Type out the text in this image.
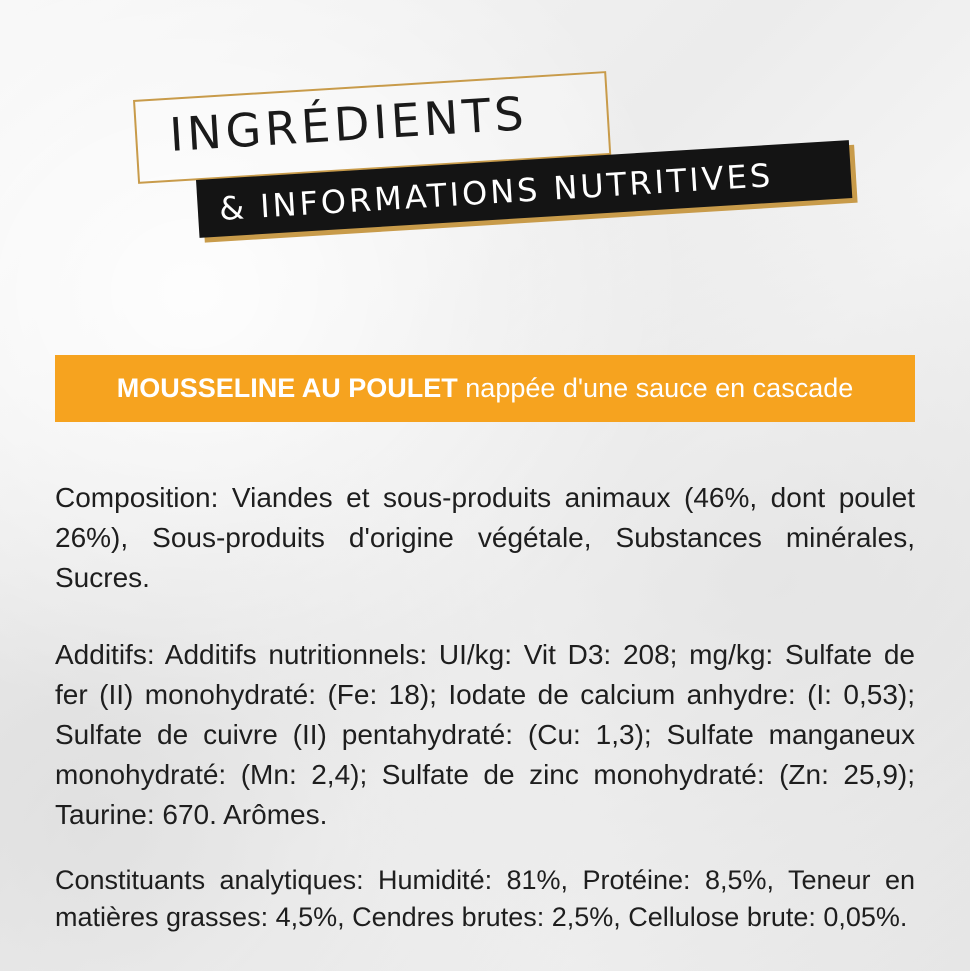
INGRÉDIENTS
& INFORMATIONS NUTRITIVES
MOUSSELINE AU POULET nappée d'une sauce en cascade
Composition: Viandes et sous-produits animaux (46%, dont poulet 26%), Sous-produits d'origine végétale, Substances minérales, Sucres.
Additifs: Additifs nutritionnels: UI/kg: Vit D3: 208; mg/kg: Sulfate de fer (II) monohydraté: (Fe: 18); Iodate de calcium anhydre: (I: 0,53); Sulfate de cuivre (II) pentahydraté: (Cu: 1,3); Sulfate manganeux monohydraté: (Mn: 2,4); Sulfate de zinc monohydraté: (Zn: 25,9); Taurine: 670. Arômes.
Constituants analytiques: Humidité: 81%, Protéine: 8,5%, Teneur en matières grasses: 4,5%, Cendres brutes: 2,5%, Cellulose brute: 0,05%.
